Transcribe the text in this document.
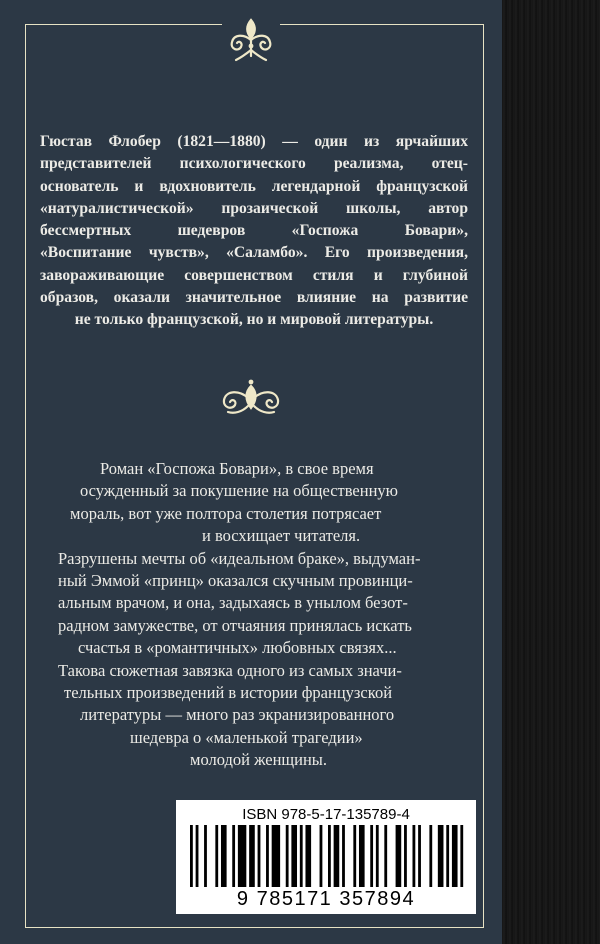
Гюстав Флобер (1821—1880) — один из ярчайших
представителей психологического реализма, отец-
основатель и вдохновитель легендарной французской
«натуралистической» прозаической школы, автор
бессмертных шедевров «Госпожа Бовари»,
«Воспитание чувств», «Саламбо». Его произведения,
завораживающие совершенством стиля и глубиной
образов, оказали значительное влияние на развитие
не только французской, но и мировой литературы.

Роман «Госпожа Бовари», в свое время

осужденный за покушение на общественную

мораль, вот уже полтора столетия потрясает

и восхищает читателя.

Разрушены мечты об «идеальном браке», выдуман-

ный Эммой «принц» оказался скучным провинци-

альным врачом, и она, задыхаясь в унылом безот-

радном замужестве, от отчаяния принялась искать

счастья в «романтичных» любовных связях...

Такова сюжетная завязка одного из самых значи-

тельных произведений в истории французской

литературы — много раз экранизированного

шедевра о «маленькой трагедии»

молодой женщины.

ISBN 978-5-17-135789-4
9 785171 357894
